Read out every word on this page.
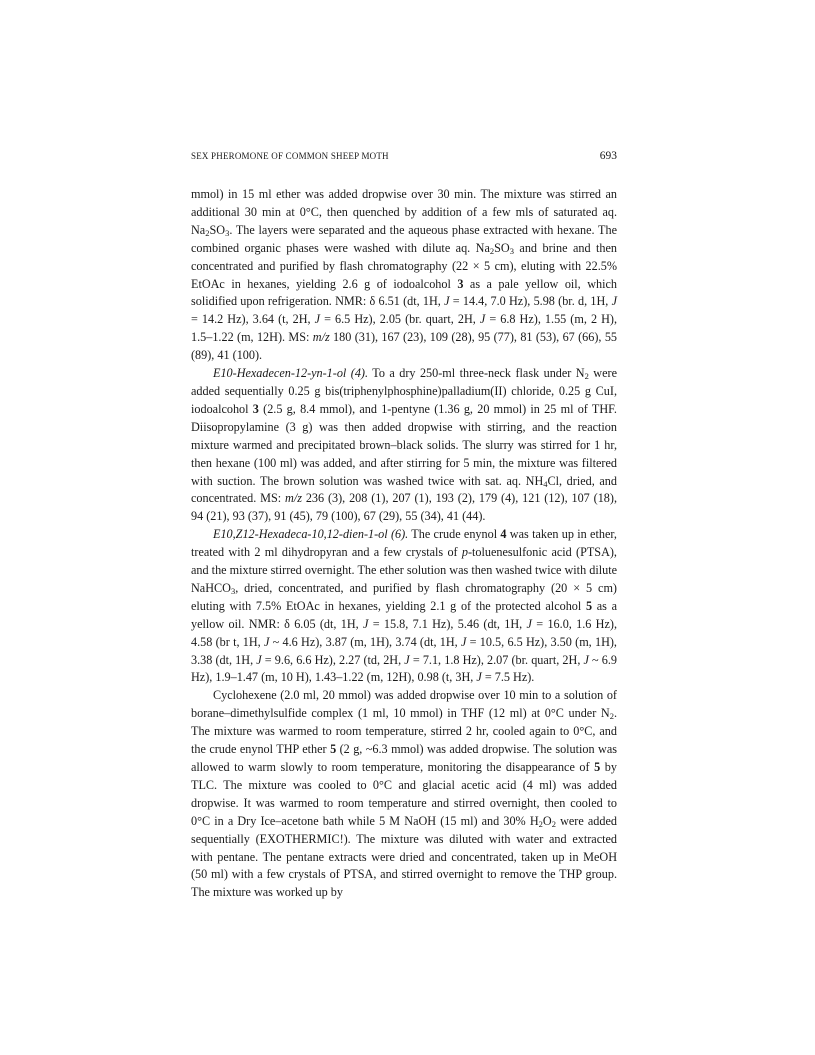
SEX PHEROMONE OF COMMON SHEEP MOTH	693

mmol) in 15 ml ether was added dropwise over 30 min. The mixture was stirred an additional 30 min at 0°C, then quenched by addition of a few mls of saturated aq. $Na_2SO_3$. The layers were separated and the aqueous phase extracted with hexane. The combined organic phases were washed with dilute aq. $Na_2SO_3$ and brine and then concentrated and purified by flash chromatography (22 × 5 cm), eluting with 22.5% EtOAc in hexanes, yielding 2.6 g of iodoalcohol 3 as a pale yellow oil, which solidified upon refrigeration. NMR: δ 6.51 (dt, 1H, J = 14.4, 7.0 Hz), 5.98 (br. d, 1H, J = 14.2 Hz), 3.64 (t, 2H, J = 6.5 Hz), 2.05 (br. quart, 2H, J = 6.8 Hz), 1.55 (m, 2 H), 1.5–1.22 (m, 12H). MS: m/z 180 (31), 167 (23), 109 (28), 95 (77), 81 (53), 67 (66), 55 (89), 41 (100).

E10-Hexadecen-12-yn-1-ol (4). To a dry 250-ml three-neck flask under $N_2$ were added sequentially 0.25 g bis(triphenylphosphine)palladium(II) chloride, 0.25 g CuI, iodoalcohol 3 (2.5 g, 8.4 mmol), and 1-pentyne (1.36 g, 20 mmol) in 25 ml of THF. Diisopropylamine (3 g) was then added dropwise with stirring, and the reaction mixture warmed and precipitated brown–black solids. The slurry was stirred for 1 hr, then hexane (100 ml) was added, and after stirring for 5 min, the mixture was filtered with suction. The brown solution was washed twice with sat. aq. $NH_4Cl$, dried, and concentrated. MS: m/z 236 (3), 208 (1), 207 (1), 193 (2), 179 (4), 121 (12), 107 (18), 94 (21), 93 (37), 91 (45), 79 (100), 67 (29), 55 (34), 41 (44).

E10,Z12-Hexadeca-10,12-dien-1-ol (6). The crude enynol 4 was taken up in ether, treated with 2 ml dihydropyran and a few crystals of p-toluenesulfonic acid (PTSA), and the mixture stirred overnight. The ether solution was then washed twice with dilute NaHCO$_3$, dried, concentrated, and purified by flash chromatography (20 × 5 cm) eluting with 7.5% EtOAc in hexanes, yielding 2.1 g of the protected alcohol 5 as a yellow oil. NMR: δ 6.05 (dt, 1H, J = 15.8, 7.1 Hz), 5.46 (dt, 1H, J = 16.0, 1.6 Hz), 4.58 (br t, 1H, J ~ 4.6 Hz), 3.87 (m, 1H), 3.74 (dt, 1H, J = 10.5, 6.5 Hz), 3.50 (m, 1H), 3.38 (dt, 1H, J = 9.6, 6.6 Hz), 2.27 (td, 2H, J = 7.1, 1.8 Hz), 2.07 (br. quart, 2H, J ~ 6.9 Hz), 1.9–1.47 (m, 10 H), 1.43–1.22 (m, 12H), 0.98 (t, 3H, J = 7.5 Hz).

Cyclohexene (2.0 ml, 20 mmol) was added dropwise over 10 min to a solution of borane–dimethylsulfide complex (1 ml, 10 mmol) in THF (12 ml) at 0°C under $N_2$. The mixture was warmed to room temperature, stirred 2 hr, cooled again to 0°C, and the crude enynol THP ether 5 (2 g, ~6.3 mmol) was added dropwise. The solution was allowed to warm slowly to room temperature, monitoring the disappearance of 5 by TLC. The mixture was cooled to 0°C and glacial acetic acid (4 ml) was added dropwise. It was warmed to room temperature and stirred overnight, then cooled to 0°C in a Dry Ice–acetone bath while 5 M NaOH (15 ml) and 30% $H_2O_2$ were added sequentially (EXOTHERMIC!). The mixture was diluted with water and extracted with pentane. The pentane extracts were dried and concentrated, taken up in MeOH (50 ml) with a few crystals of PTSA, and stirred overnight to remove the THP group. The mixture was worked up by
